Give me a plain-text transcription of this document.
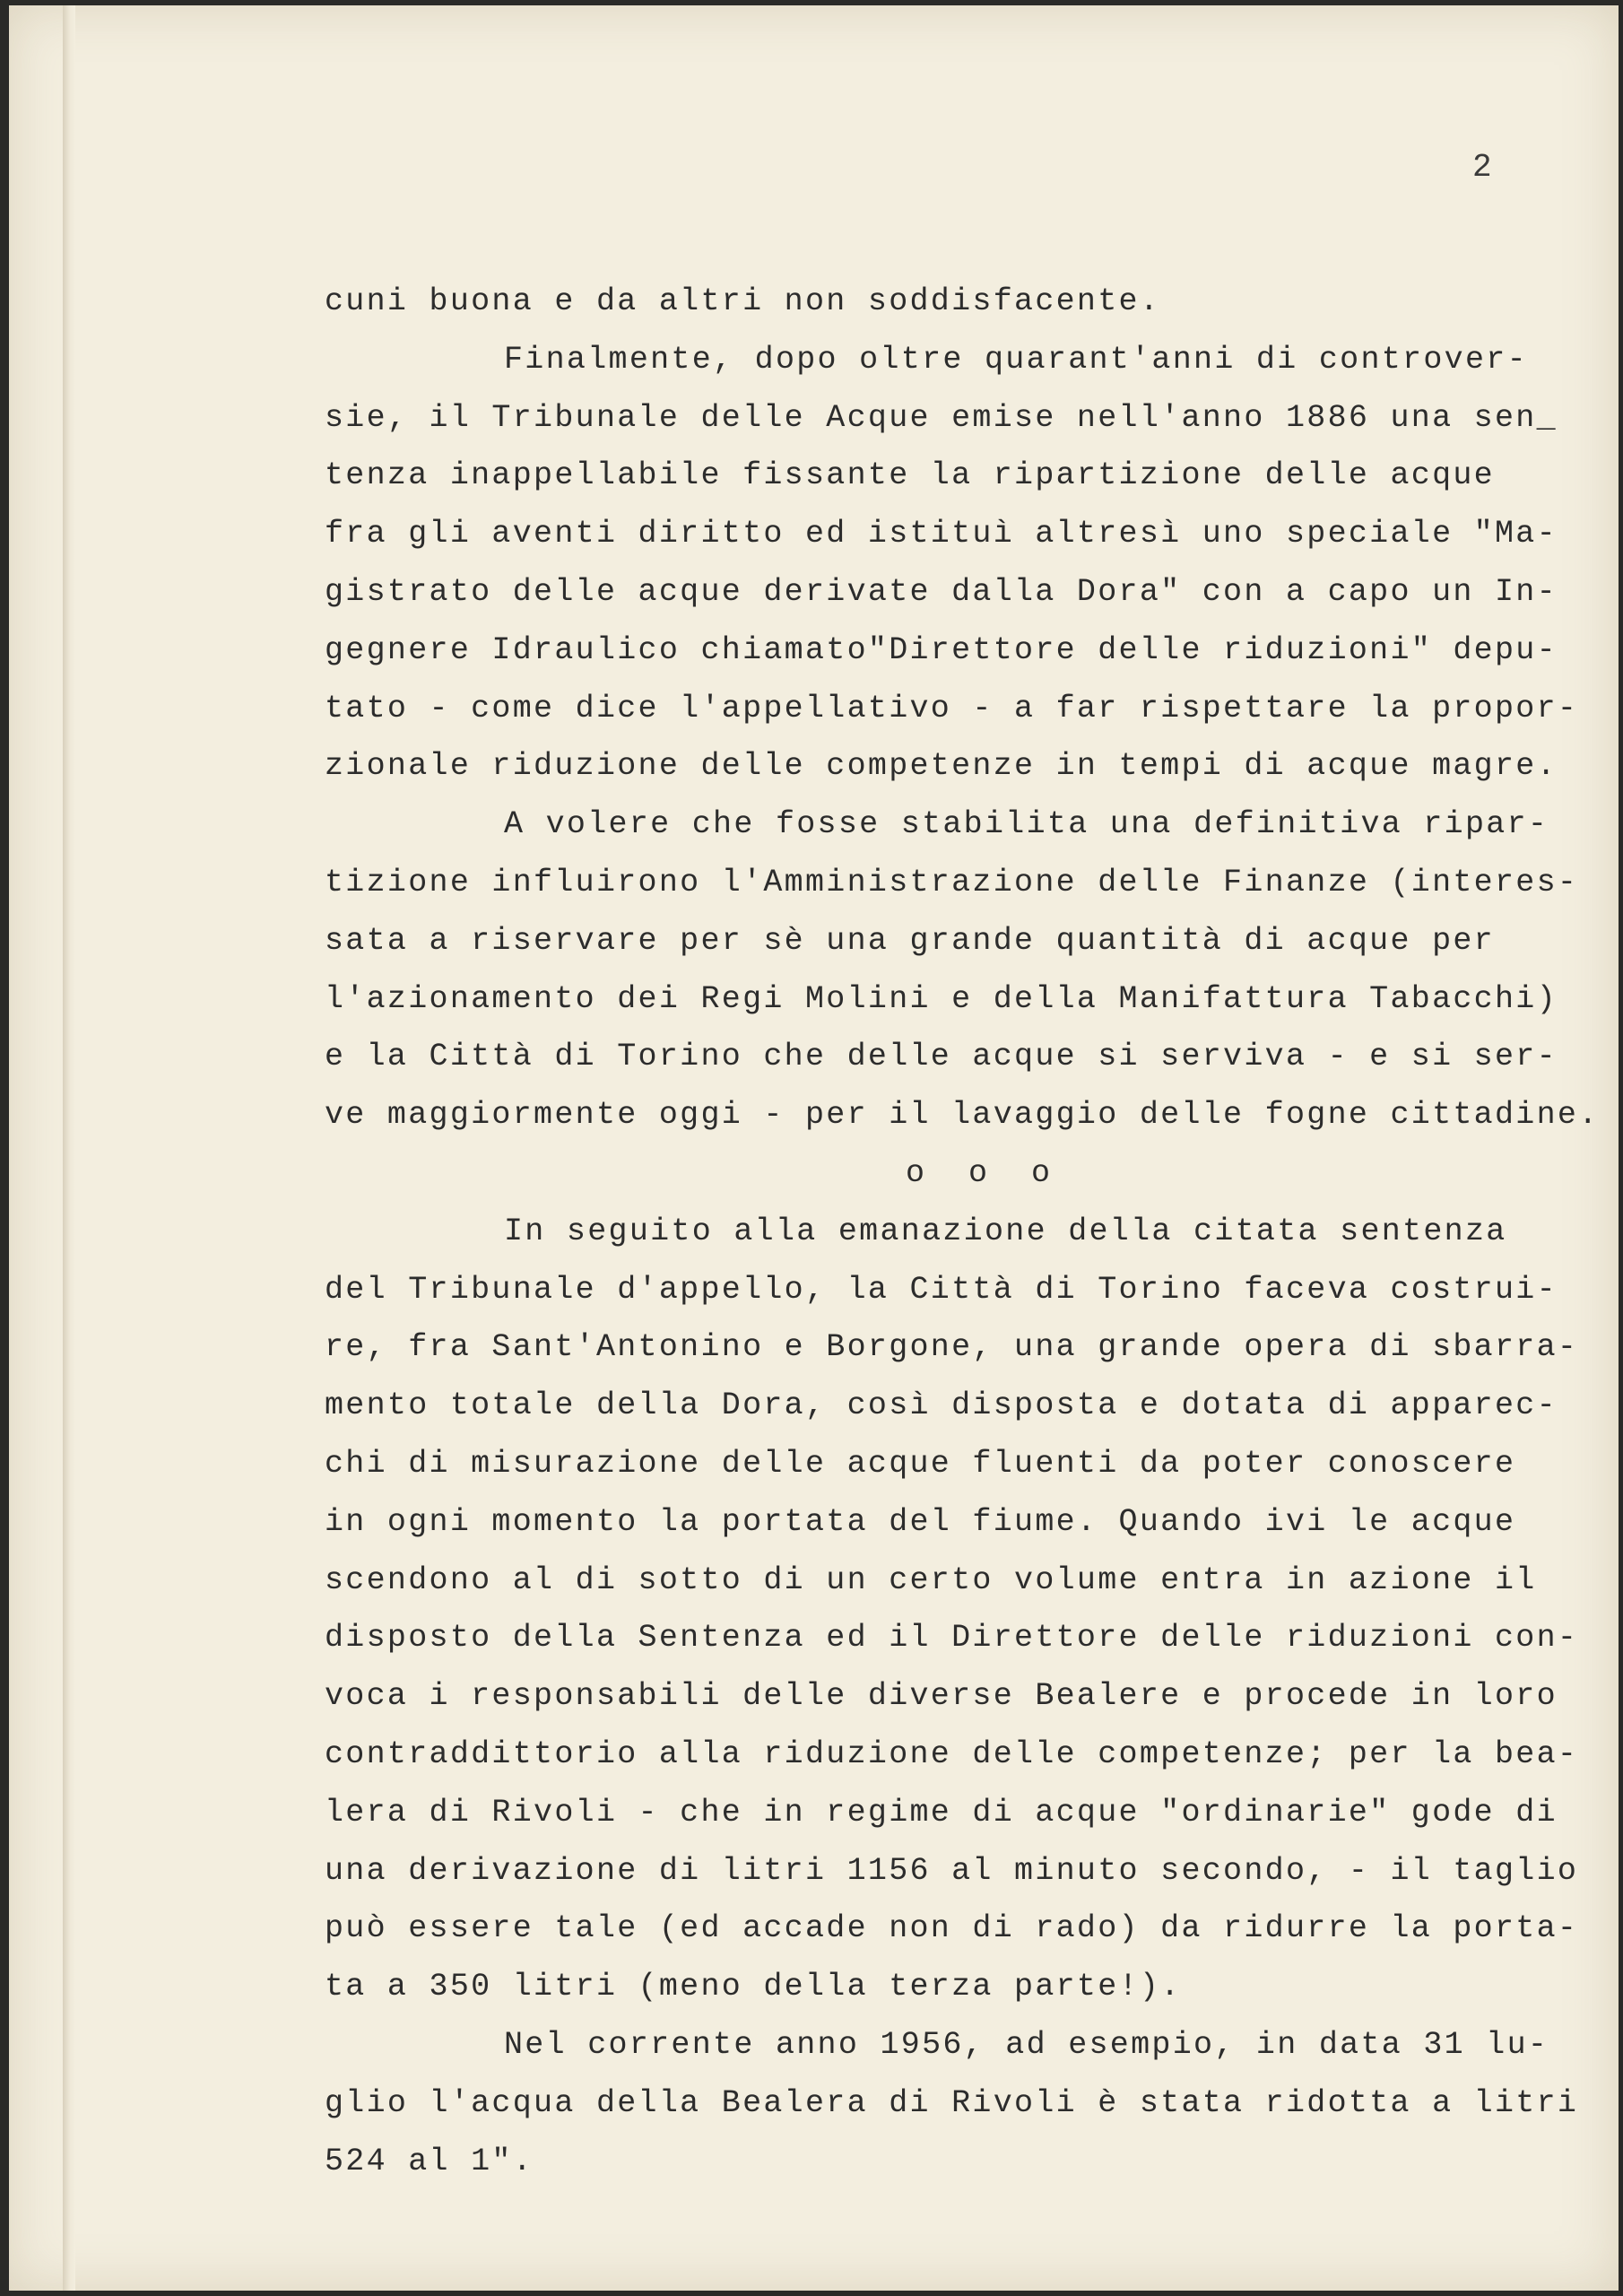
2
cuni buona e da altri non soddisfacente.
Finalmente, dopo oltre quarant'anni di controver-
sie, il Tribunale delle Acque emise nell'anno 1886 una sen_
tenza inappellabile fissante la ripartizione delle acque
fra gli aventi diritto ed istituì altresì uno speciale "Ma-
gistrato delle acque derivate dalla Dora" con a capo un In-
gegnere Idraulico chiamato"Direttore delle riduzioni" depu-
tato - come dice l'appellativo - a far rispettare la propor-
zionale riduzione delle competenze in tempi di acque magre.
A volere che fosse stabilita una definitiva ripar-
tizione influirono l'Amministrazione delle Finanze (interes-
sata a riservare per sè una grande quantità di acque per
l'azionamento dei Regi Molini e della Manifattura Tabacchi)
e la Città di Torino che delle acque si serviva - e si ser-
ve maggiormente oggi - per il lavaggio delle fogne cittadine.
o o o
In seguito alla emanazione della citata sentenza
del Tribunale d'appello, la Città di Torino faceva costrui-
re, fra Sant'Antonino e Borgone, una grande opera di sbarra-
mento totale della Dora, così disposta e dotata di apparec-
chi di misurazione delle acque fluenti da poter conoscere
in ogni momento la portata del fiume. Quando ivi le acque
scendono al di sotto di un certo volume entra in azione il
disposto della Sentenza ed il Direttore delle riduzioni con-
voca i responsabili delle diverse Bealere e procede in loro
contraddittorio alla riduzione delle competenze; per la bea-
lera di Rivoli - che in regime di acque "ordinarie" gode di
una derivazione di litri 1156 al minuto secondo, - il taglio
può essere tale (ed accade non di rado) da ridurre la porta-
ta a 350 litri (meno della terza parte!).
Nel corrente anno 1956, ad esempio, in data 31 lu-
glio l'acqua della Bealera di Rivoli è stata ridotta a litri
524 al 1".
